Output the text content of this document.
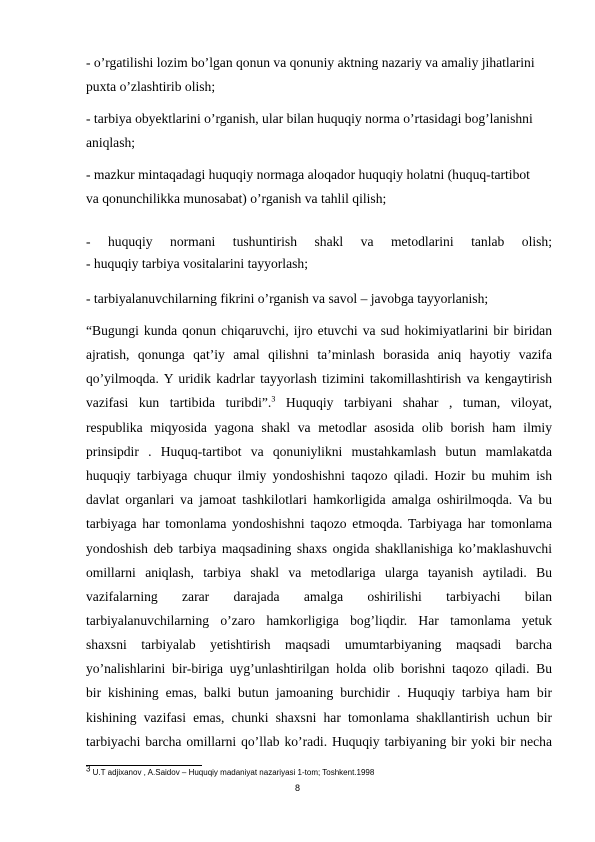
- o’rgatilishi lozim bo’lgan qonun va qonuniy aktning nazariy va amaliy jihatlarini
puxta o’zlashtirib olish;
- tarbiya obyektlarini o’rganish, ular bilan huquqiy norma o’rtasidagi bog’lanishni
aniqlash;
- mazkur mintaqadagi huquqiy normaga aloqador huquqiy holatni (huquq-tartibot
va qonunchilikka munosabat) o’rganish va tahlil qilish;
- huquqiy normani tushuntirish shakl va metodlarini tanlab olish;
- huquqiy tarbiya vositalarini tayyorlash;
- tarbiyalanuvchilarning fikrini o’rganish va savol – javobga tayyorlanish;
“Bugungi kunda qonun chiqaruvchi, ijro etuvchi va sud hokimiyatlarini bir biridan
ajratish, qonunga qat’iy amal qilishni ta’minlash borasida aniq hayotiy vazifa
qo’yilmoqda. Y uridik kadrlar tayyorlash tizimini takomillashtirish va kengaytirish
vazifasi kun tartibida turibdi”.$^3$ Huquqiy tarbiyani shahar , tuman, viloyat,
respublika miqyosida yagona shakl va metodlar asosida olib borish ham ilmiy
prinsipdir . Huquq-tartibot va qonuniylikni mustahkamlash butun mamlakatda
huquqiy tarbiyaga chuqur ilmiy yondoshishni taqozo qiladi. Hozir bu muhim ish
davlat organlari va jamoat tashkilotlari hamkorligida amalga oshirilmoqda. Va bu
tarbiyaga har tomonlama yondoshishni taqozo etmoqda. Tarbiyaga har tomonlama
yondoshish deb tarbiya maqsadining shaxs ongida shakllanishiga ko’maklashuvchi
omillarni aniqlash, tarbiya shakl va metodlariga ularga tayanish aytiladi. Bu
vazifalarning zarar darajada amalga oshirilishi tarbiyachi bilan
tarbiyalanuvchilarning o’zaro hamkorligiga bog’liqdir. Har tamonlama yetuk
shaxsni tarbiyalab yetishtirish maqsadi umumtarbiyaning maqsadi barcha
yo’nalishlarini bir-biriga uyg’unlashtirilgan holda olib borishni taqozo qiladi. Bu
bir kishining emas, balki butun jamoaning burchidir . Huquqiy tarbiya ham bir
kishining vazifasi emas, chunki shaxsni har tomonlama shakllantirish uchun bir
tarbiyachi barcha omillarni qo’llab ko’radi. Huquqiy tarbiyaning bir yoki bir necha
$^3$ U.T adjixanov , A.Saidov – Huquqiy madaniyat nazariyasi 1-tom; Toshkent.1998
8
